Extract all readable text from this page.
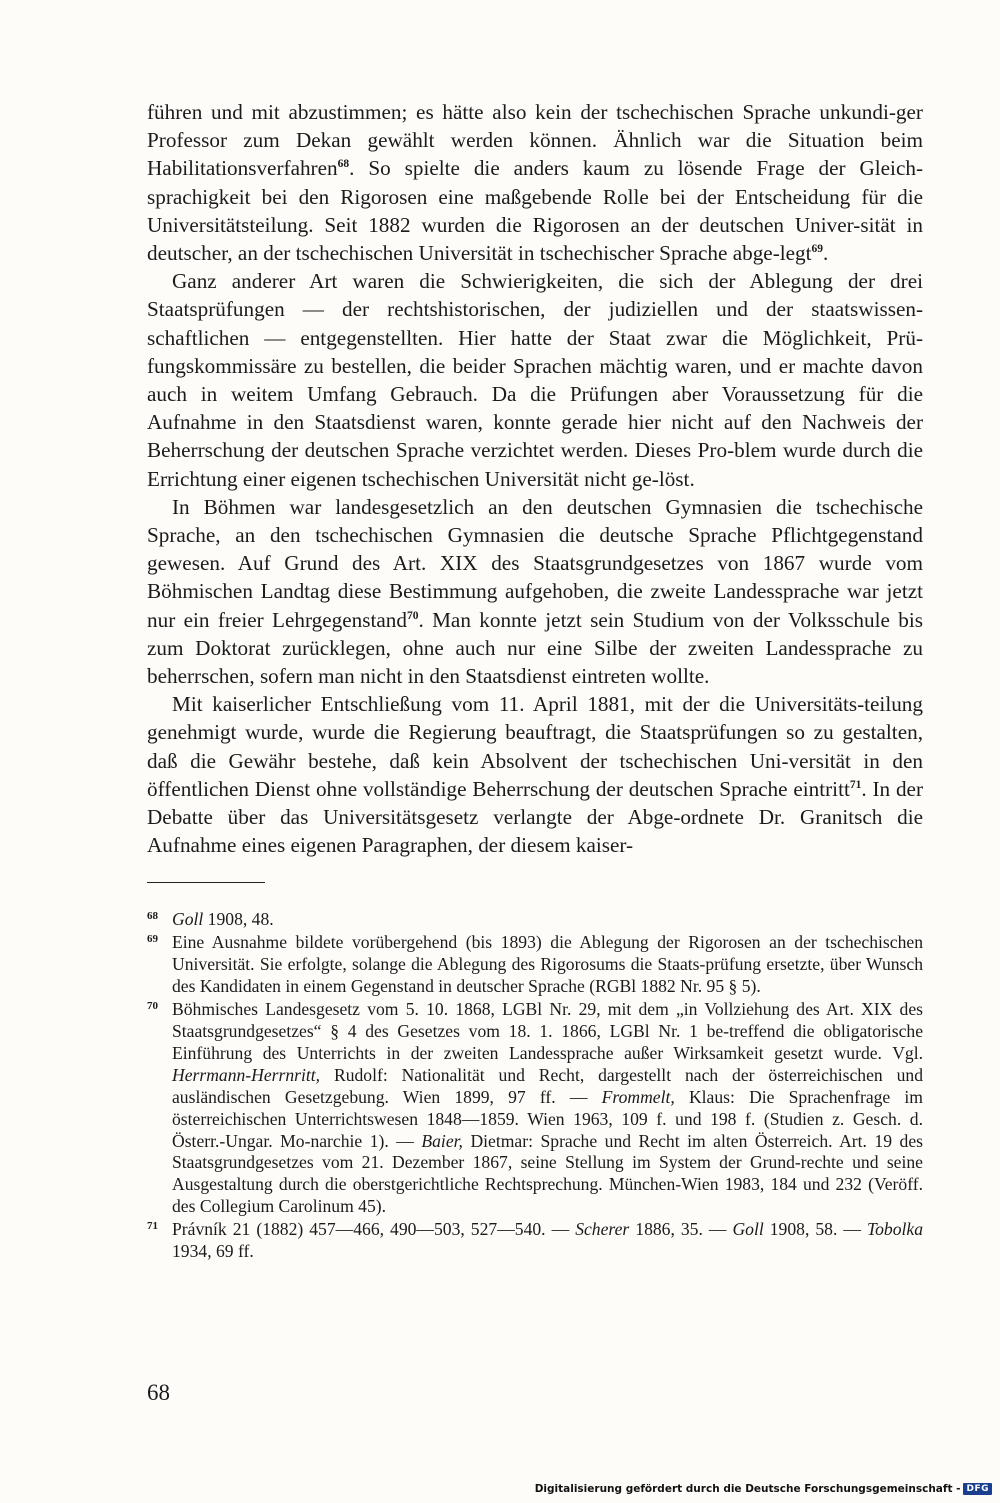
führen und mit abzustimmen; es hätte also kein der tschechischen Sprache unkundi-ger Professor zum Dekan gewählt werden können. Ähnlich war die Situation beim Habilitationsverfahren$^{68}$. So spielte die anders kaum zu lösende Frage der Gleich-sprachigkeit bei den Rigorosen eine maßgebende Rolle bei der Entscheidung für die Universitätsteilung. Seit 1882 wurden die Rigorosen an der deutschen Univer-sität in deutscher, an der tschechischen Universität in tschechischer Sprache abge-legt$^{69}$.

Ganz anderer Art waren die Schwierigkeiten, die sich der Ablegung der drei Staatsprüfungen — der rechtshistorischen, der judiziellen und der staatswissen-schaftlichen — entgegenstellten. Hier hatte der Staat zwar die Möglichkeit, Prü-fungskommissäre zu bestellen, die beider Sprachen mächtig waren, und er machte davon auch in weitem Umfang Gebrauch. Da die Prüfungen aber Voraussetzung für die Aufnahme in den Staatsdienst waren, konnte gerade hier nicht auf den Nachweis der Beherrschung der deutschen Sprache verzichtet werden. Dieses Pro-blem wurde durch die Errichtung einer eigenen tschechischen Universität nicht ge-löst.

In Böhmen war landesgesetzlich an den deutschen Gymnasien die tschechische Sprache, an den tschechischen Gymnasien die deutsche Sprache Pflichtgegenstand gewesen. Auf Grund des Art. XIX des Staatsgrundgesetzes von 1867 wurde vom Böhmischen Landtag diese Bestimmung aufgehoben, die zweite Landessprache war jetzt nur ein freier Lehrgegenstand$^{70}$. Man konnte jetzt sein Studium von der Volksschule bis zum Doktorat zurücklegen, ohne auch nur eine Silbe der zweiten Landessprache zu beherrschen, sofern man nicht in den Staatsdienst eintreten wollte.

Mit kaiserlicher Entschließung vom 11. April 1881, mit der die Universitäts-teilung genehmigt wurde, wurde die Regierung beauftragt, die Staatsprüfungen so zu gestalten, daß die Gewähr bestehe, daß kein Absolvent der tschechischen Uni-versität in den öffentlichen Dienst ohne vollständige Beherrschung der deutschen Sprache eintritt$^{71}$. In der Debatte über das Universitätsgesetz verlangte der Abge-ordnete Dr. Granitsch die Aufnahme eines eigenen Paragraphen, der diesem kaiser-

68 Goll 1908, 48.
69 Eine Ausnahme bildete vorübergehend (bis 1893) die Ablegung der Rigorosen an der tschechischen Universität. Sie erfolgte, solange die Ablegung des Rigorosums die Staats-prüfung ersetzte, über Wunsch des Kandidaten in einem Gegenstand in deutscher Sprache (RGBl 1882 Nr. 95 § 5).
70 Böhmisches Landesgesetz vom 5. 10. 1868, LGBl Nr. 29, mit dem „in Vollziehung des Art. XIX des Staatsgrundgesetzes“ § 4 des Gesetzes vom 18. 1. 1866, LGBl Nr. 1 be-treffend die obligatorische Einführung des Unterrichts in der zweiten Landessprache außer Wirksamkeit gesetzt wurde. Vgl. Herrmann-Herrnritt, Rudolf: Nationalität und Recht, dargestellt nach der österreichischen und ausländischen Gesetzgebung. Wien 1899, 97 ff. — Frommelt, Klaus: Die Sprachenfrage im österreichischen Unterrichtswesen 1848—1859. Wien 1963, 109 f. und 198 f. (Studien z. Gesch. d. Österr.-Ungar. Mo-narchie 1). — Baier, Dietmar: Sprache und Recht im alten Österreich. Art. 19 des Staatsgrundgesetzes vom 21. Dezember 1867, seine Stellung im System der Grund-rechte und seine Ausgestaltung durch die oberstgerichtliche Rechtsprechung. München-Wien 1983, 184 und 232 (Veröff. des Collegium Carolinum 45).
71 Právník 21 (1882) 457—466, 490—503, 527—540. — Scherer 1886, 35. — Goll 1908, 58. — Tobolka 1934, 69 ff.
68
Digitalisierung gefördert durch die Deutsche Forschungsgemeinschaft - DFG
